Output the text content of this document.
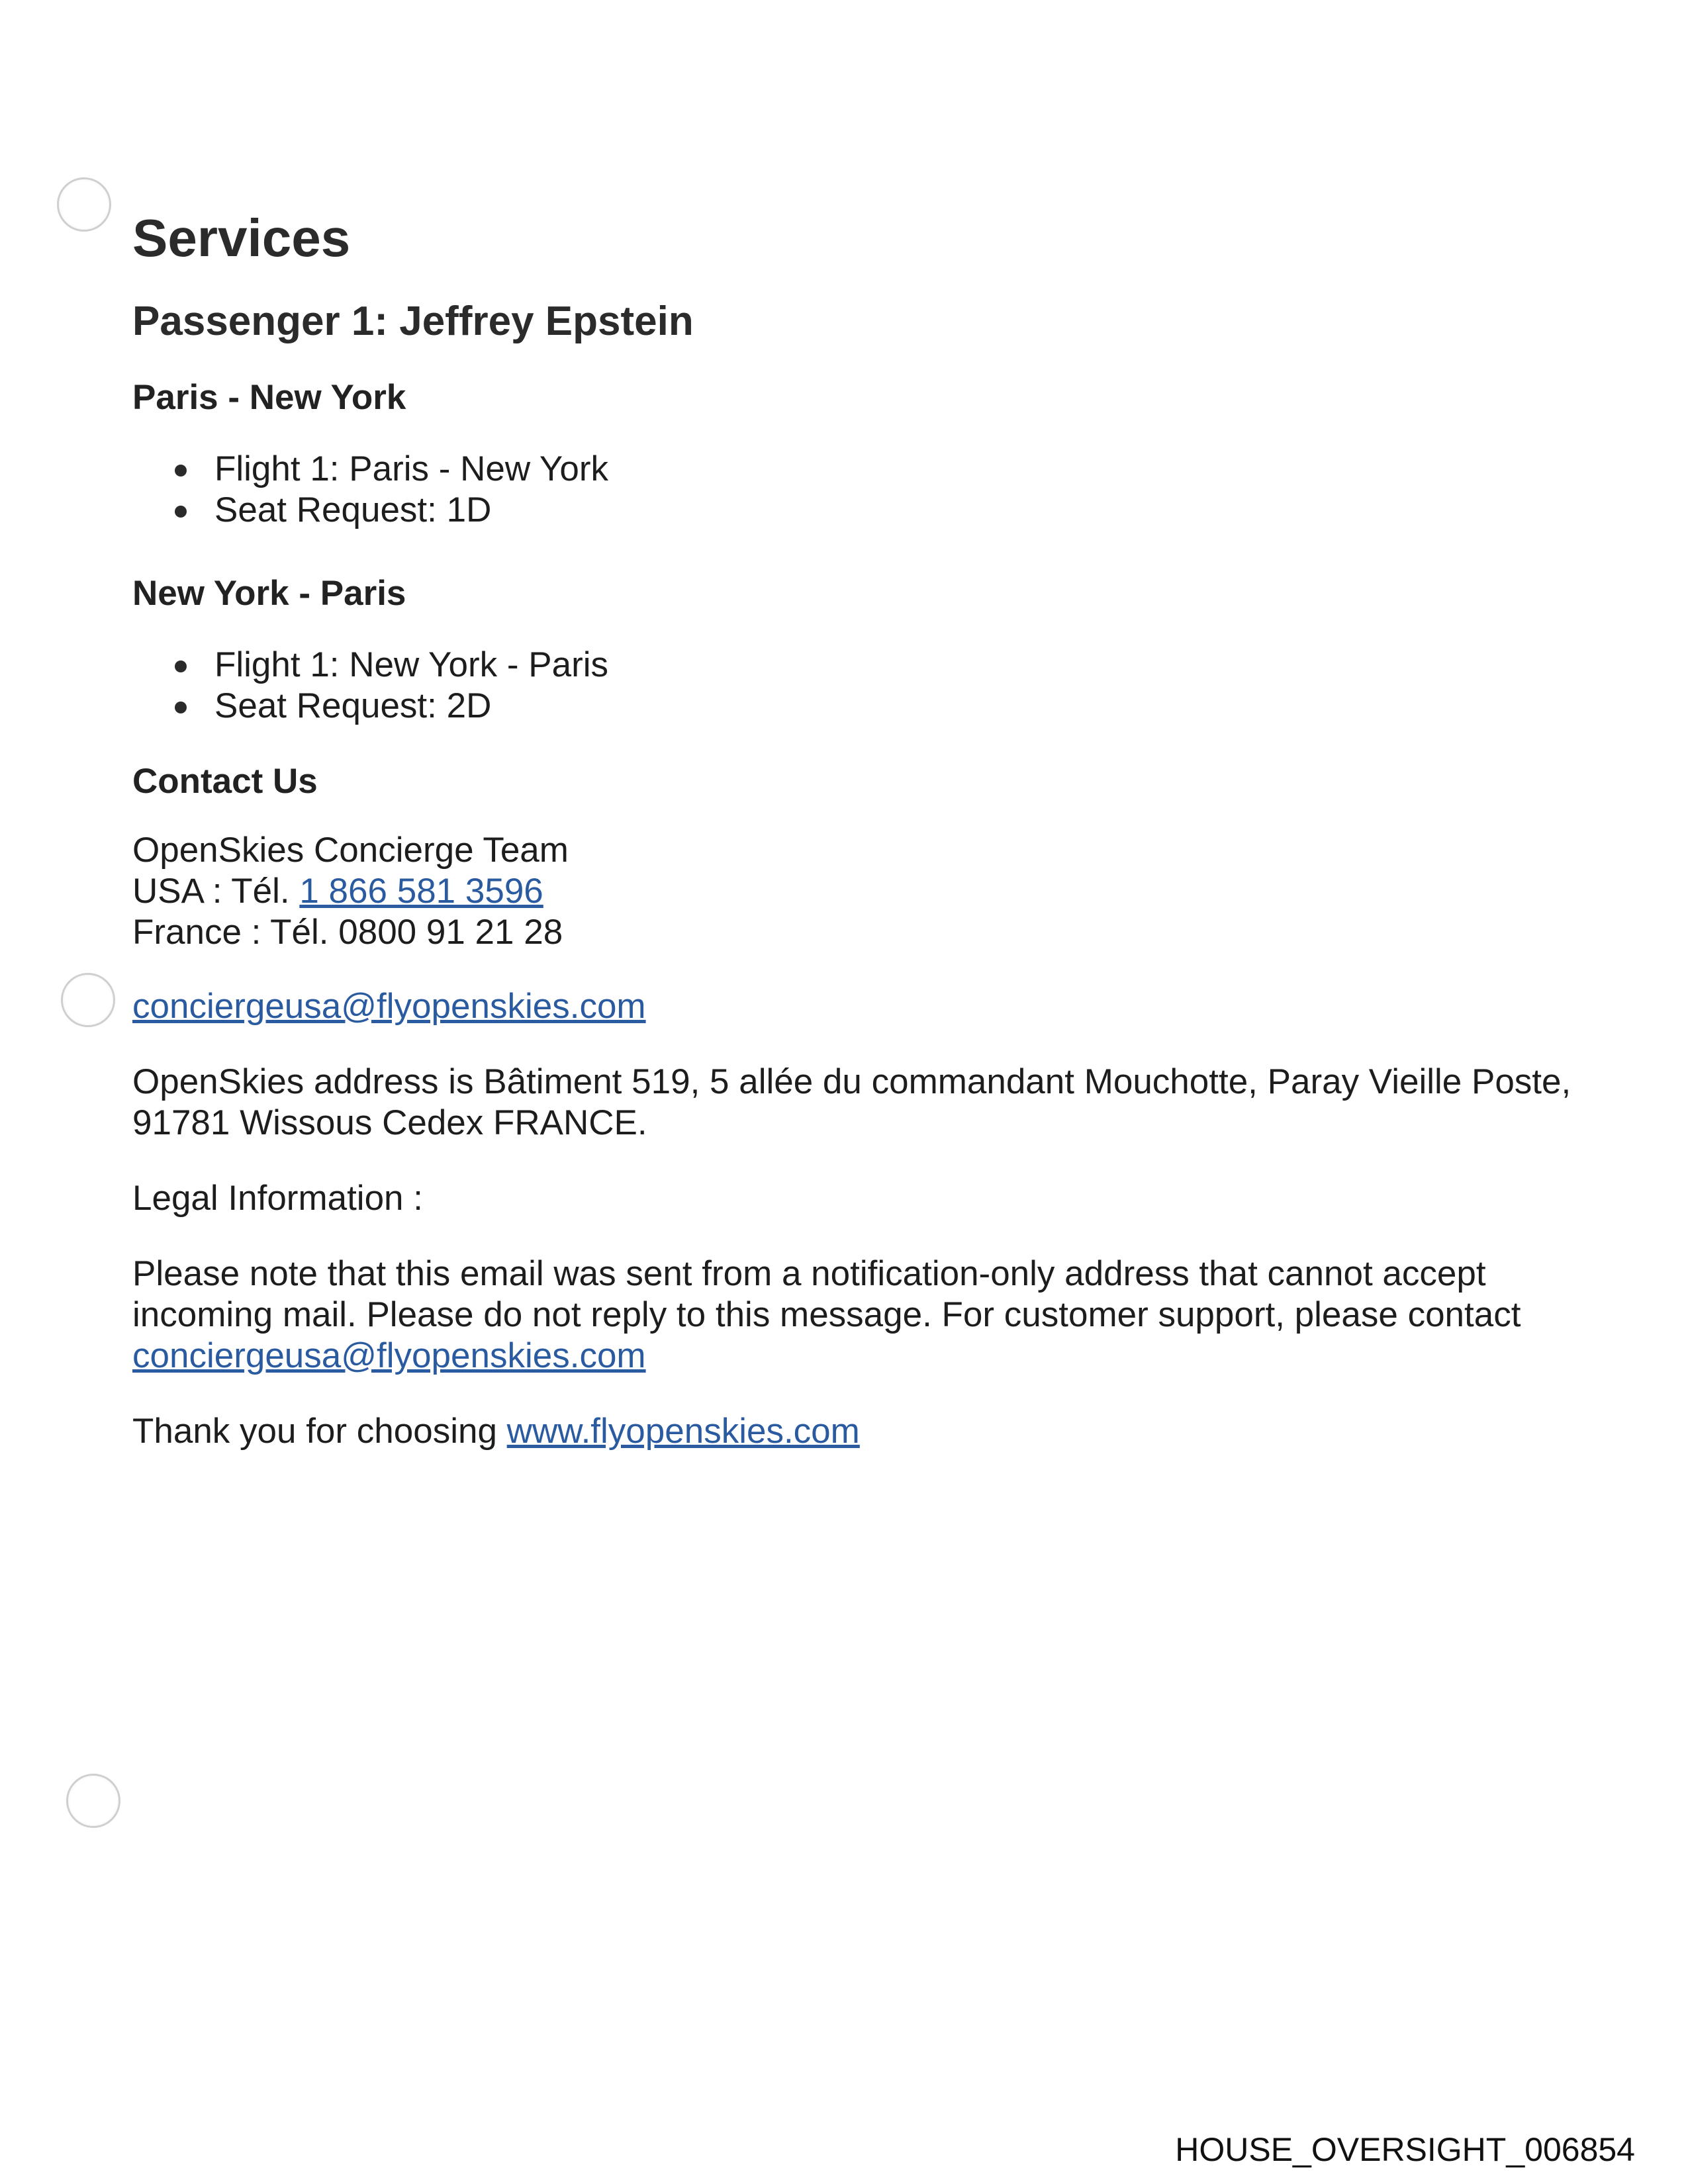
Services
Passenger 1: Jeffrey Epstein
Paris - New York
Flight 1: Paris - New York
Seat Request: 1D
New York - Paris
Flight 1: New York - Paris
Seat Request: 2D
Contact Us

OpenSkies Concierge Team

USA : Tél. 1 866 581 3596

France : Tél. 0800 91 21 28

conciergeusa@flyopenskies.com

OpenSkies address is Bâtiment 519, 5 allée du commandant Mouchotte, Paray Vieille Poste, 91781 Wissous Cedex FRANCE.

Legal Information :

Please note that this email was sent from a notification-only address that cannot accept incoming mail. Please do not reply to this message. For customer support, please contact conciergeusa@flyopenskies.com

Thank you for choosing www.flyopenskies.com

HOUSE_OVERSIGHT_006854
